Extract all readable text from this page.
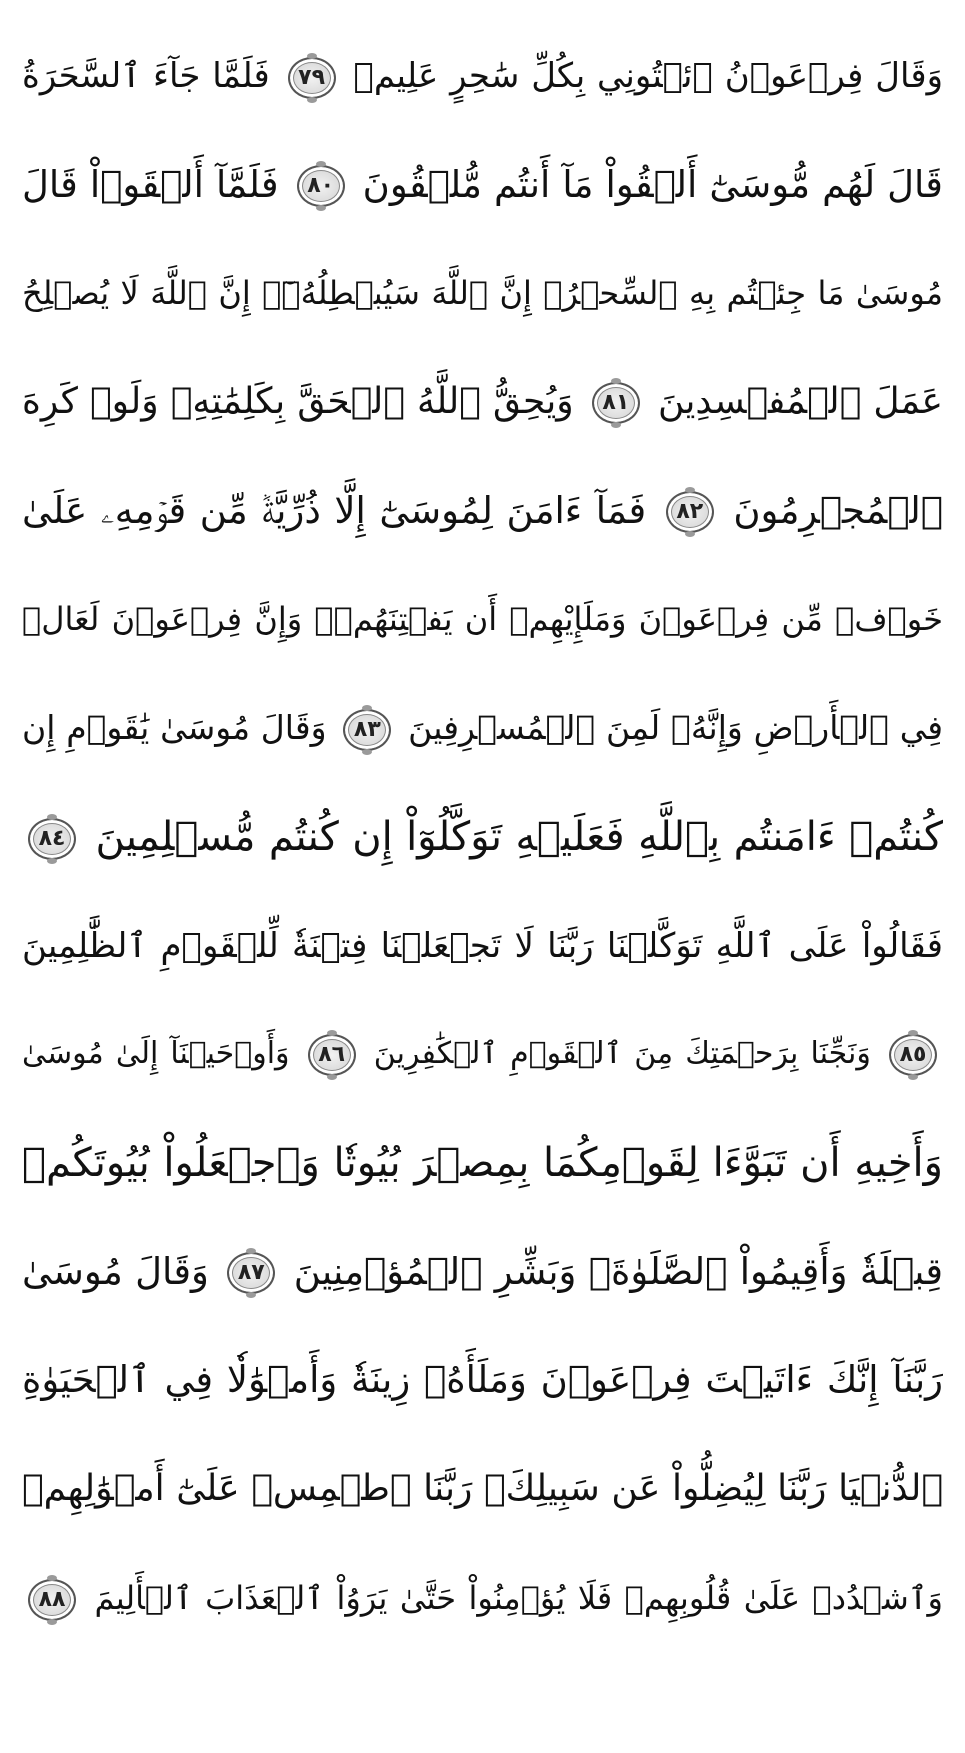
وَقَالَ فِرۡعَوۡنُ ٱئۡتُونِي بِكُلِّ سَٰحِرٍ عَلِيمٖ ٧٩ فَلَمَّا جَآءَ ٱلسَّحَرَةُ
قَالَ لَهُم مُّوسَىٰٓ أَلۡقُواْ مَآ أَنتُم مُّلۡقُونَ ٨٠ فَلَمَّآ أَلۡقَوۡاْ قَالَ
مُوسَىٰ مَا جِئۡتُم بِهِ ٱلسِّحۡرُۖ إِنَّ ٱللَّهَ سَيُبۡطِلُهُۥٓۖ إِنَّ ٱللَّهَ لَا يُصۡلِحُ
عَمَلَ ٱلۡمُفۡسِدِينَ ٨١ وَيُحِقُّ ٱللَّهُ ٱلۡحَقَّ بِكَلِمَٰتِهِۦ وَلَوۡ كَرِهَ
ٱلۡمُجۡرِمُونَ ٨٢ فَمَآ ءَامَنَ لِمُوسَىٰٓ إِلَّا ذُرِّيَّةٞ مِّن قَوۡمِهِۦ عَلَىٰ
خَوۡفٖ مِّن فِرۡعَوۡنَ وَمَلَإِيْهِمۡ أَن يَفۡتِنَهُمۡۚ وَإِنَّ فِرۡعَوۡنَ لَعَالٖ
فِي ٱلۡأَرۡضِ وَإِنَّهُۥ لَمِنَ ٱلۡمُسۡرِفِينَ ٨٣ وَقَالَ مُوسَىٰ يَٰقَوۡمِ إِن
كُنتُمۡ ءَامَنتُم بِٱللَّهِ فَعَلَيۡهِ تَوَكَّلُوٓاْ إِن كُنتُم مُّسۡلِمِينَ ٨٤
فَقَالُواْ عَلَى ٱللَّهِ تَوَكَّلۡنَا رَبَّنَا لَا تَجۡعَلۡنَا فِتۡنَةٗ لِّلۡقَوۡمِ ٱلظَّٰلِمِينَ
٨٥ وَنَجِّنَا بِرَحۡمَتِكَ مِنَ ٱلۡقَوۡمِ ٱلۡكَٰفِرِينَ ٨٦ وَأَوۡحَيۡنَآ إِلَىٰ مُوسَىٰ
وَأَخِيهِ أَن تَبَوَّءَا لِقَوۡمِكُمَا بِمِصۡرَ بُيُوتٗا وَٱجۡعَلُواْ بُيُوتَكُمۡ
قِبۡلَةٗ وَأَقِيمُواْ ٱلصَّلَوٰةَۗ وَبَشِّرِ ٱلۡمُؤۡمِنِينَ ٨٧ وَقَالَ مُوسَىٰ
رَبَّنَآ إِنَّكَ ءَاتَيۡتَ فِرۡعَوۡنَ وَمَلَأَهُۥ زِينَةٗ وَأَمۡوَٰلٗا فِي ٱلۡحَيَوٰةِ
ٱلدُّنۡيَا رَبَّنَا لِيُضِلُّواْ عَن سَبِيلِكَۖ رَبَّنَا ٱطۡمِسۡ عَلَىٰٓ أَمۡوَٰلِهِمۡ
وَٱشۡدُدۡ عَلَىٰ قُلُوبِهِمۡ فَلَا يُؤۡمِنُواْ حَتَّىٰ يَرَوُاْ ٱلۡعَذَابَ ٱلۡأَلِيمَ ٨٨
